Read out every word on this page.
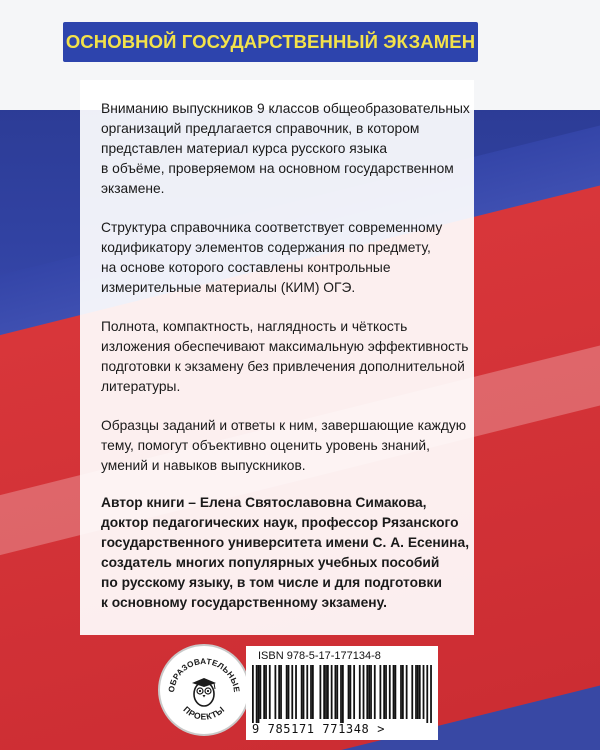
ОСНОВНОЙ ГОСУДАРСТВЕННЫЙ ЭКЗАМЕН

Вниманию выпускников 9 классов общеобразовательных
организаций предлагается справочник, в котором
представлен материал курса русского языка
в объёме, проверяемом на основном государственном
экзамене.

Структура справочника соответствует современному
кодификатору элементов содержания по предмету,
на основе которого составлены контрольные
измерительные материалы (КИМ) ОГЭ.

Полнота, компактность, наглядность и чёткость
изложения обеспечивают максимальную эффективность
подготовки к экзамену без привлечения дополнительной
литературы.

Образцы заданий и ответы к ним, завершающие каждую
тему, помогут объективно оценить уровень знаний,
умений и навыков выпускников.

Автор книги – Елена Святославовна Симакова,
доктор педагогических наук, профессор Рязанского
государственного университета имени С. А. Есенина,
создатель многих популярных учебных пособий
по русскому языку, в том числе и для подготовки
к основному государственному экзамену.

ОБРАЗОВАТЕЛЬНЫЕ
ПРОЕКТЫ
ISBN 978-5-17-177134-8
9 785171 771348 >
